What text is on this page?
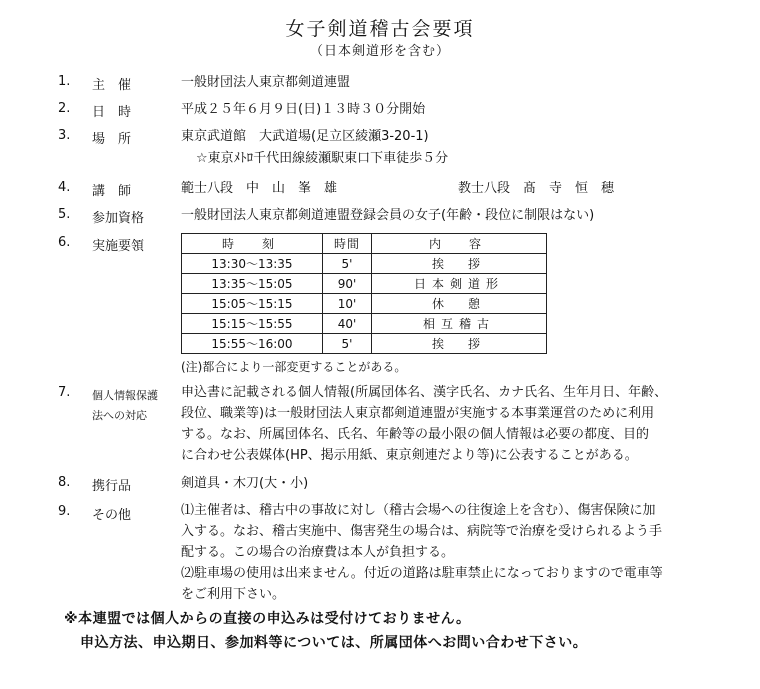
女子剣道稽古会要項
（日本剣道形を含む）
1. 主　催	一般財団法人東京都剣道連盟
2. 日　時	平成２５年６月９日(日)１３時３０分開始
3. 場　所	東京武道館　大武道場(足立区綾瀬3-20-1)
☆東京ﾒﾄﾛ千代田線綾瀬駅東口下車徒歩５分
4. 講　師	範士八段　中　山　峯　雄	教士八段　髙　寺　恒　穂
5. 参加資格	一般財団法人東京都剣道連盟登録会員の女子(年齢・段位に制限はない)
6. 実施要領	時　刻	時間	内　容
13:30～13:35	5'	挨　拶
13:35～15:05	90'	日本剣道形
15:05～15:15	10'	休　憩
15:15～15:55	40'	相互稽古
15:55～16:00	5'	挨　拶
(注)都合により一部変更することがある。
7. 個人情報保護
法への対応
申込書に記載される個人情報(所属団体名、漢字氏名、カナ氏名、生年月日、年齢、
段位、職業等)は一般財団法人東京都剣道連盟が実施する本事業運営のために利用
する。なお、所属団体名、氏名、年齢等の最小限の個人情報は必要の都度、目的
に合わせ公表媒体(HP、掲示用紙、東京剣連だより等)に公表することがある。
8. 携行品	剣道具・木刀(大・小)
9. その他	⑴主催者は、稽古中の事故に対し（稽古会場への往復途上を含む）、傷害保険に加
入する。なお、稽古実施中、傷害発生の場合は、病院等で治療を受けられるよう手
配する。この場合の治療費は本人が負担する。
⑵駐車場の使用は出来ません。付近の道路は駐車禁止になっておりますので電車等
をご利用下さい。
※本連盟では個人からの直接の申込みは受付けておりません。
申込方法、申込期日、参加料等については、所属団体へお問い合わせ下さい。
